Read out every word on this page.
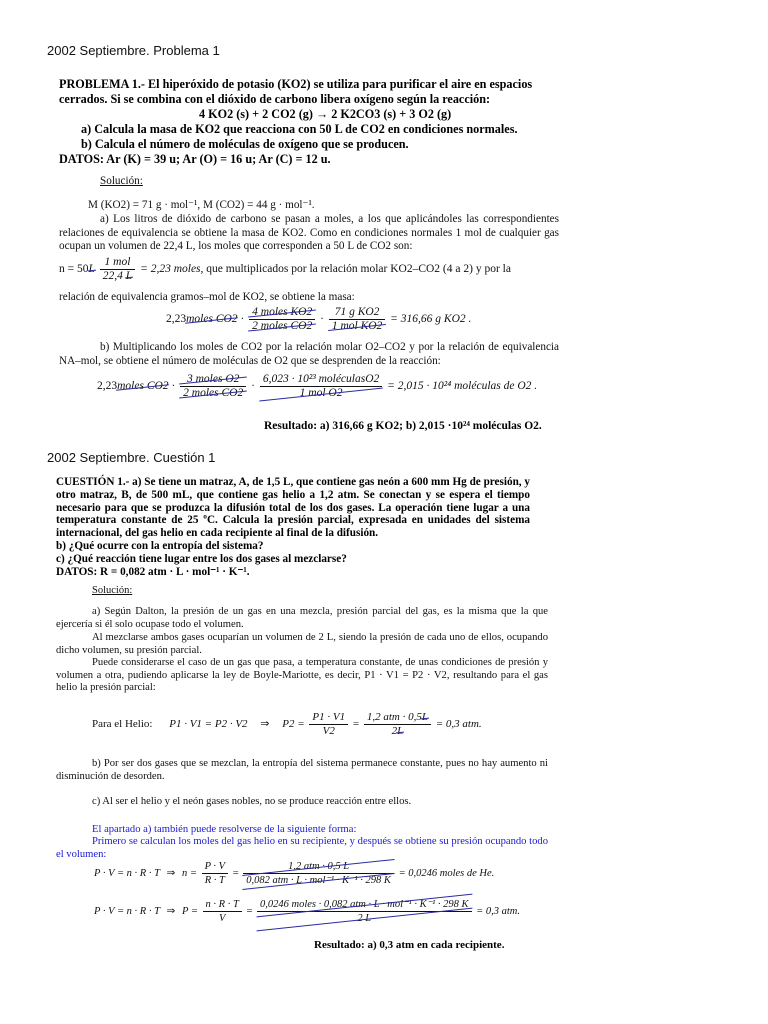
2002 Septiembre. Problema 1
PROBLEMA 1.- El hiperóxido de potasio (KO2) se utiliza para purificar el aire en espacios
cerrados. Si se combina con el dióxido de carbono libera oxígeno según la reacción:
4 KO2 (s) + 2 CO2 (g) → 2 K2CO3 (s) + 3 O2 (g)
a) Calcula la masa de KO2 que reacciona con 50 L de CO2 en condiciones normales.
b) Calcula el número de moléculas de oxígeno que se producen.
DATOS: Ar (K) = 39 u; Ar (O) = 16 u; Ar (C) = 12 u.
Solución:
M (KO2) = 71 g · mol⁻¹, M (CO2) = 44 g · mol⁻¹.
a) Los litros de dióxido de carbono se pasan a moles, a los que aplicándoles las correspondientes relaciones de equivalencia se obtiene la masa de KO2. Como en condiciones normales 1 mol de cualquier gas ocupan un volumen de 22,4 L, los moles que corresponden a 50 L de CO2 son:
$n = 50L \frac{\text{1 mol}}{22,4 L} = 2,23$ moles, que multiplicados por la relación molar KO2–CO2 (4 a 2) y por la
relación de equivalencia gramos–mol de KO2, se obtiene la masa:
2,23moles $CO2 \cdot \frac{\text{4 moles KO2}}{\text{2 moles CO2}} \cdot \frac{\text{71 g KO2}}{\text{1 mol KO2}} = 316,66$ g KO2 .
b) Multiplicando los moles de CO2 por la relación molar O2–CO2 y por la relación de equivalencia NA–mol, se obtiene el número de moléculas de O2 que se desprenden de la reacción:
2,23moles $CO2 \cdot \frac{\text{3 moles O2}}{\text{2 moles CO2}} \cdot \frac{\text{6,023 · 10²³ moléculasO2}}{\text{1 mol O2}} = 2,015 \cdot 10^{24}$ moléculas de O2 .
Resultado: a) 316,66 g KO2; b) 2,015 ·10²⁴ moléculas O2.
2002 Septiembre. Cuestión 1
CUESTIÓN 1.- a) Se tiene un matraz, A, de 1,5 L, que contiene gas neón a 600 mm Hg de presión, y otro matraz, B, de 500 mL, que contiene gas helio a 1,2 atm. Se conectan y se espera el tiempo necesario para que se produzca la difusión total de los dos gases. La operación tiene lugar a una temperatura constante de 25 ºC. Calcula la presión parcial, expresada en unidades del sistema internacional, del gas helio en cada recipiente al final de la difusión.
b) ¿Qué ocurre con la entropía del sistema?
c) ¿Qué reacción tiene lugar entre los dos gases al mezclarse?
DATOS: R = 0,082 atm · L · mol⁻¹ · K⁻¹.
Solución:
a) Según Dalton, la presión de un gas en una mezcla, presión parcial del gas, es la misma que la que ejercería si él solo ocupase todo el volumen.
Al mezclarse ambos gases ocuparían un volumen de 2 L, siendo la presión de cada uno de ellos, ocupando dicho volumen, su presión parcial.
Puede considerarse el caso de un gas que pasa, a temperatura constante, de unas condiciones de presión y volumen a otra, pudiendo aplicarse la ley de Boyle-Mariotte, es decir, P1 · V1 = P2 · V2, resultando para el gas helio la presión parcial:
Para el Helio: P1 · V1 = P2 · V2 ⇒ $P2 = \frac{P1 \cdot V1}{V2} = \frac{\text{1,2 atm · 0,5L}}{2L} = 0,3$ atm.
b) Por ser dos gases que se mezclan, la entropía del sistema permanece constante, pues no hay aumento ni disminución de desorden.
c) Al ser el helio y el neón gases nobles, no se produce reacción entre ellos.
El apartado a) también puede resolverse de la siguiente forma:
Primero se calculan los moles del gas helio en su recipiente, y después se obtiene su presión ocupando todo el volumen:
P · V = n · R · T ⇒ $n = \frac{P \cdot V}{R \cdot T} = \frac{\text{1,2 atm · 0,5 L}}{\text{0,082 atm · L · mol⁻¹ · K⁻¹ · 298 K}} = 0,0246$ moles de He.
P · V = n · R · T ⇒ $P = \frac{n \cdot R \cdot T}{V} = \frac{\text{0,0246 moles · 0,082 atm · L · mol⁻¹ · K⁻¹ · 298 K}}{2 L} = 0,3$ atm.
Resultado: a) 0,3 atm en cada recipiente.
